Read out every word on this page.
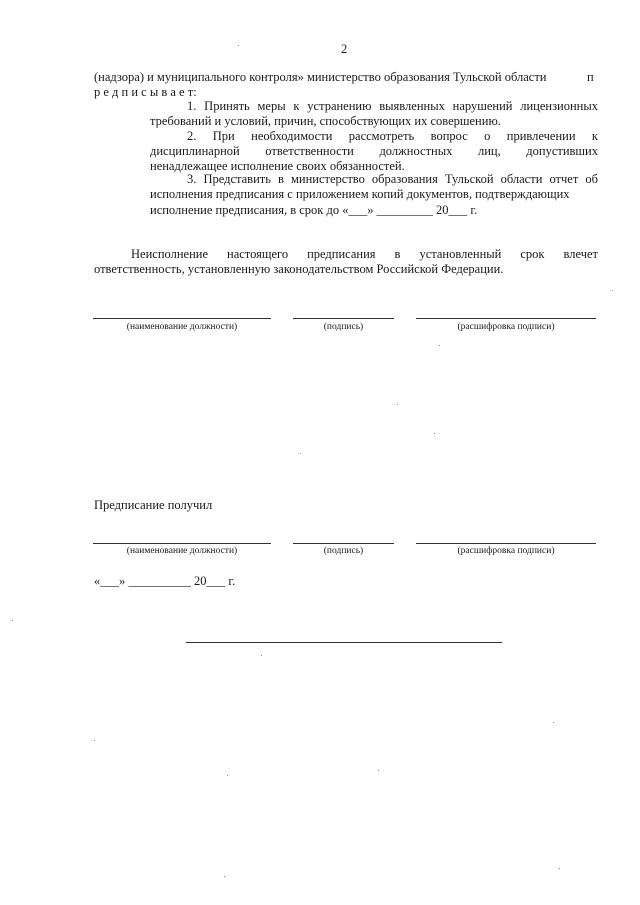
2
(надзора) и муниципального контроля» министерство образования Тульской области	п
р е д п и с ы в а е т:
1. Принять меры к устранению выявленных нарушений лицензионных
требований и условий, причин, способствующих их совершению.
2. При необходимости рассмотреть вопрос о привлечении к
дисциплинарной ответственности должностных лиц, допустивших
ненадлежащее исполнение своих обязанностей.
3. Представить в министерство образования Тульской области отчет об
исполнения предписания с приложением копий документов, подтверждающих
исполнение предписания, в срок до «___» _________ 20___ г.
Неисполнение настоящего предписания в установленный срок влечет
ответственность, установленную законодательством Российской Федерации.
(наименование должности)	(подпись)	(расшифровка подписи)
Предписание получил
(наименование должности)	(подпись)	(расшифровка подписи)
«___» __________ 20___ г.
